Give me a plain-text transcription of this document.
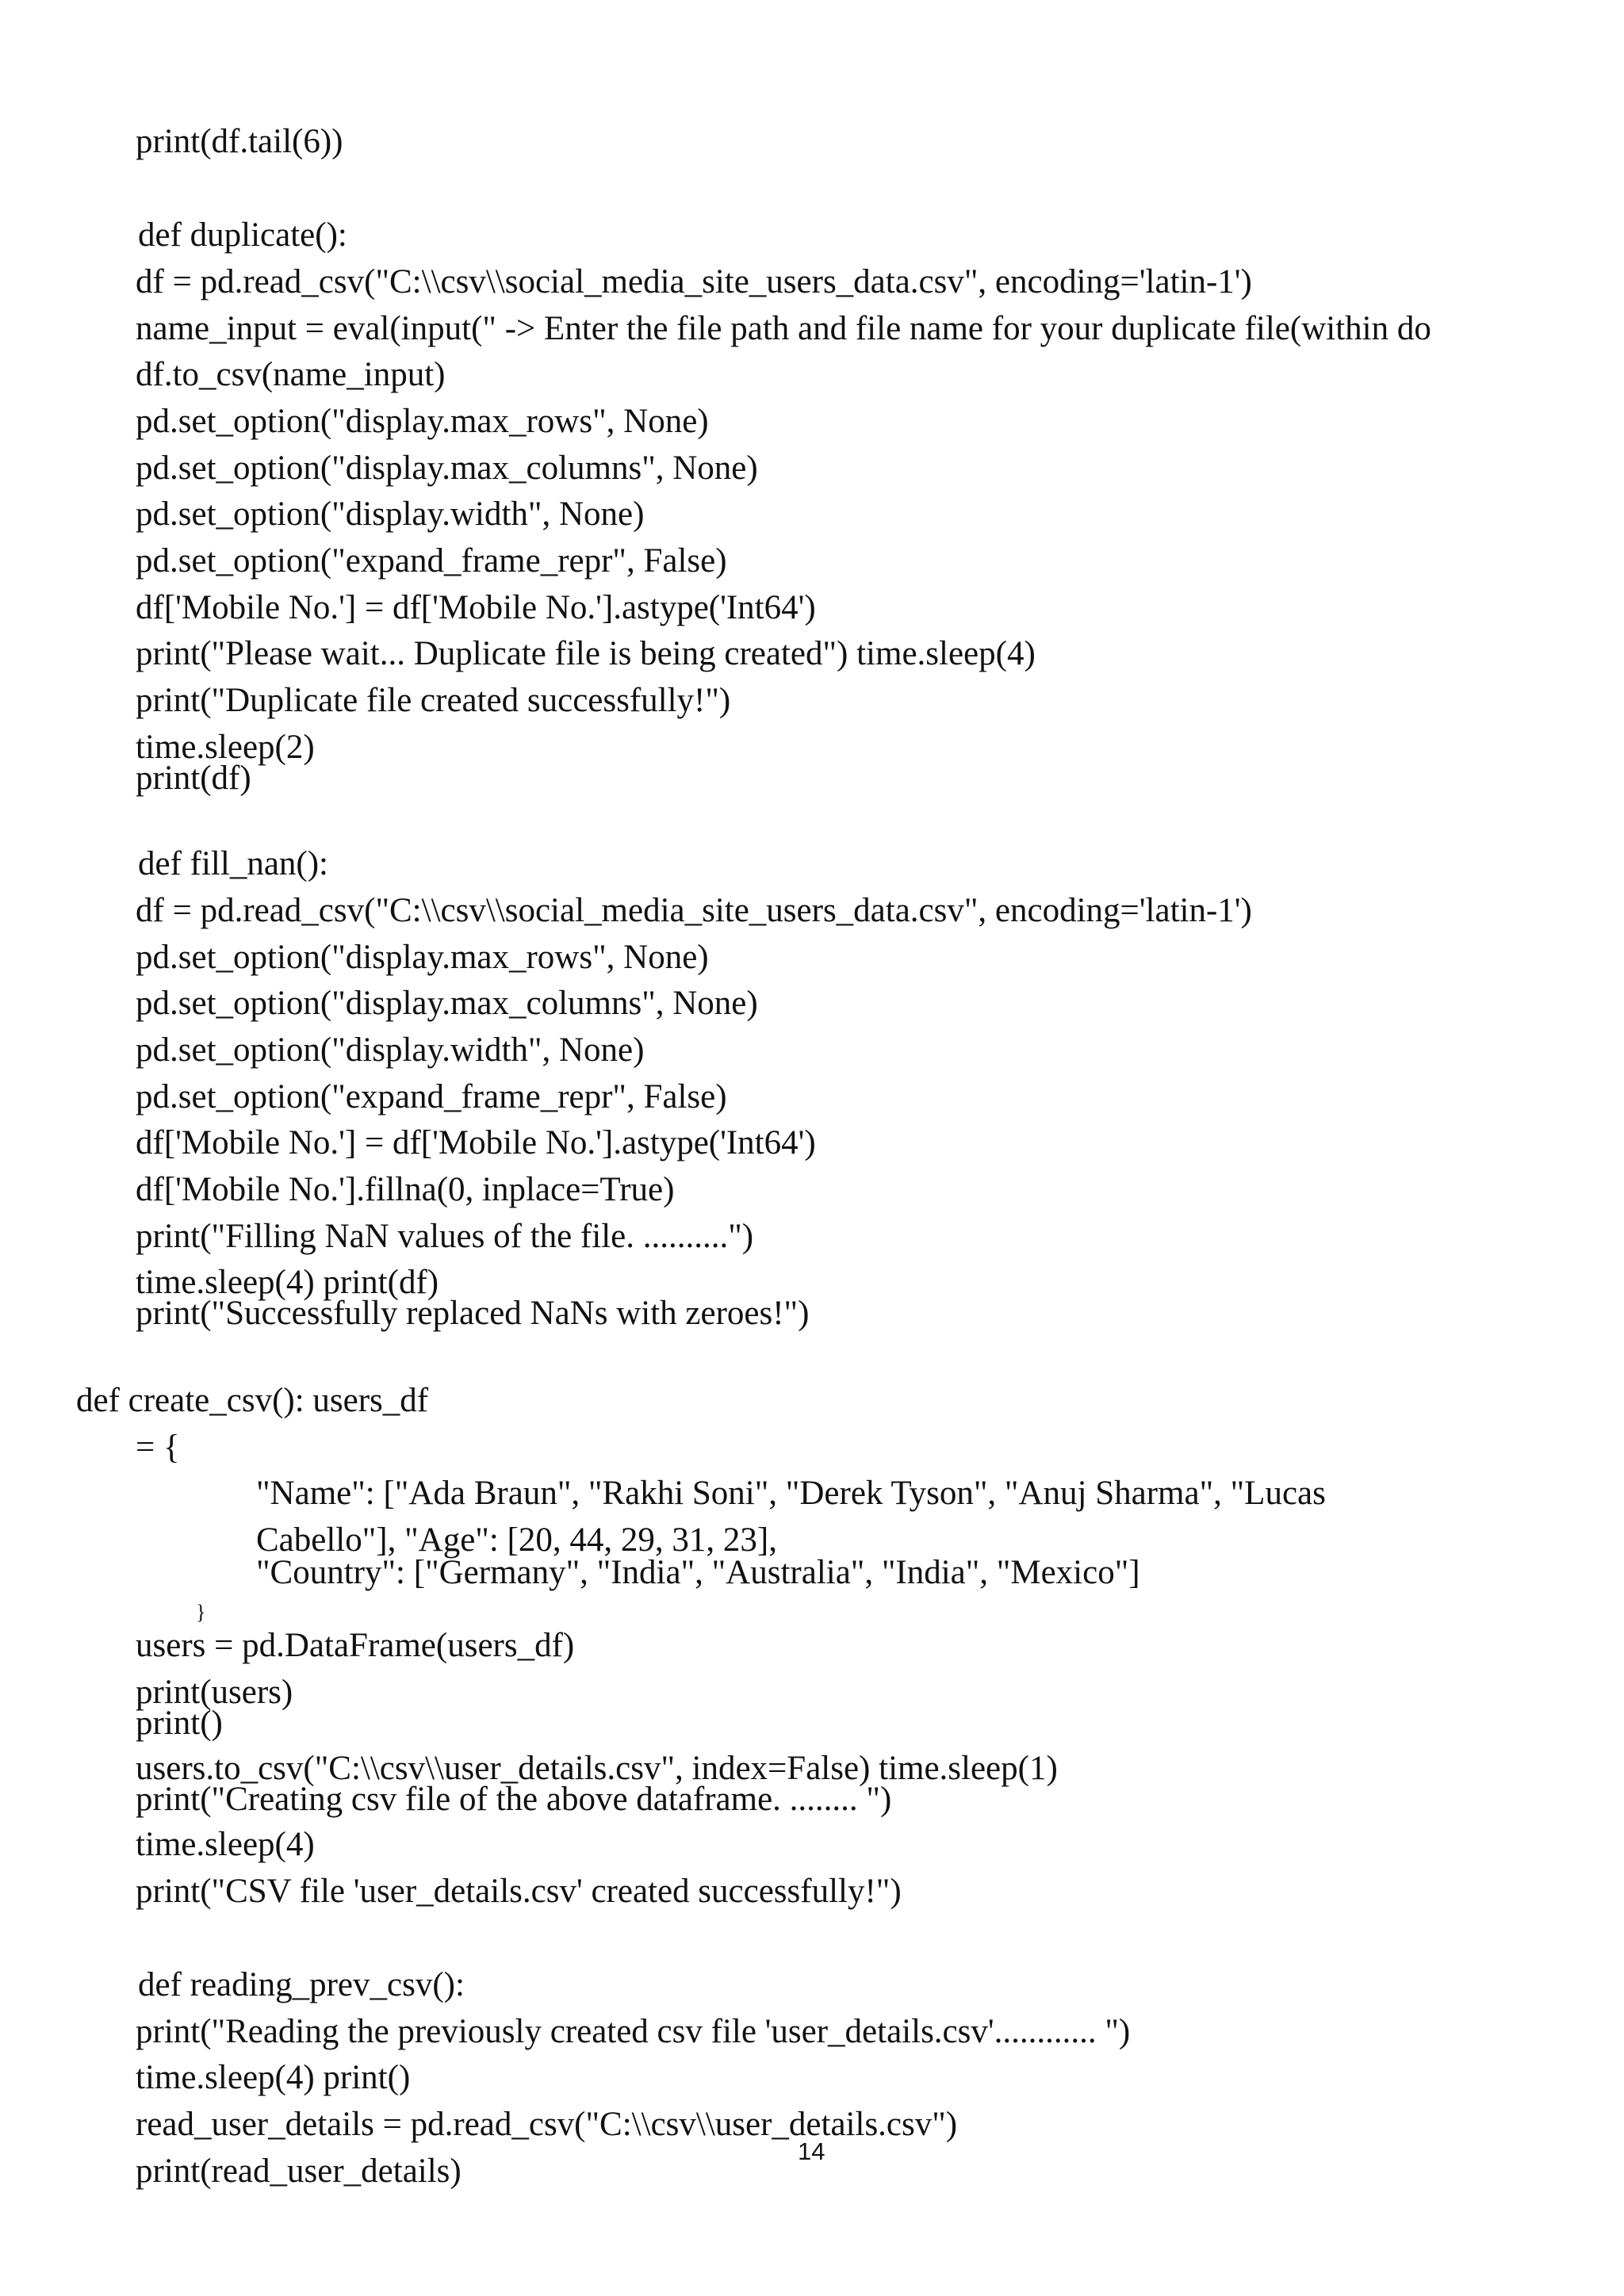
print(df.tail(6))
def duplicate():
df = pd.read_csv("C:\\csv\\social_media_site_users_data.csv", encoding='latin-1')
name_input = eval(input(" -> Enter the file path and file name for your duplicate file(within do
df.to_csv(name_input)
pd.set_option("display.max_rows", None)
pd.set_option("display.max_columns", None)
pd.set_option("display.width", None)
pd.set_option("expand_frame_repr", False)
df['Mobile No.'] = df['Mobile No.'].astype('Int64')
print("Please wait... Duplicate file is being created") time.sleep(4)
print("Duplicate file created successfully!")
time.sleep(2)
print(df)
def fill_nan():
df = pd.read_csv("C:\\csv\\social_media_site_users_data.csv", encoding='latin-1')
pd.set_option("display.max_rows", None)
pd.set_option("display.max_columns", None)
pd.set_option("display.width", None)
pd.set_option("expand_frame_repr", False)
df['Mobile No.'] = df['Mobile No.'].astype('Int64')
df['Mobile No.'].fillna(0, inplace=True)
print("Filling NaN values of the file. ..........")
time.sleep(4) print(df)
print("Successfully replaced NaNs with zeroes!")
def create_csv(): users_df
= {
"Name": ["Ada Braun", "Rakhi Soni", "Derek Tyson", "Anuj Sharma", "Lucas
Cabello"], "Age": [20, 44, 29, 31, 23],
"Country": ["Germany", "India", "Australia", "India", "Mexico"]
}
users = pd.DataFrame(users_df)
print(users)
print()
users.to_csv("C:\\csv\\user_details.csv", index=False) time.sleep(1)
print("Creating csv file of the above dataframe. ........ ")
time.sleep(4)
print("CSV file 'user_details.csv' created successfully!")
def reading_prev_csv():
print("Reading the previously created csv file 'user_details.csv'............ ")
time.sleep(4) print()
read_user_details = pd.read_csv("C:\\csv\\user_details.csv")
print(read_user_details)
14
